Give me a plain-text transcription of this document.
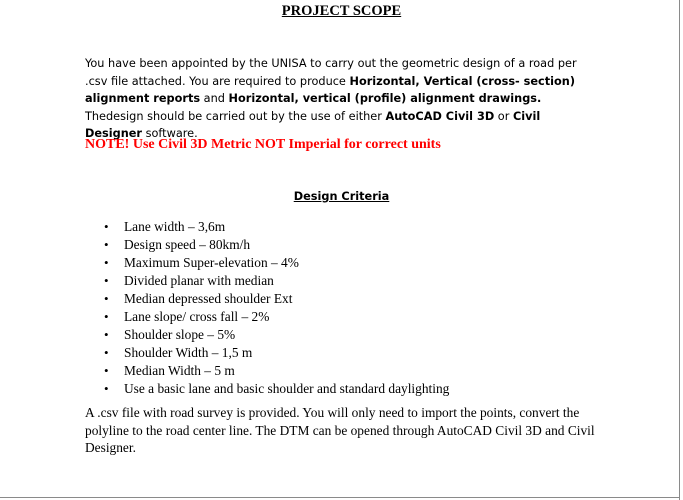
PROJECT SCOPE

You have been appointed by the UNISA to carry out the geometric design of a road per .csv file attached. You are required to produce Horizontal, Vertical (cross- section) alignment reports and Horizontal, vertical (profile) alignment drawings. Thedesign should be carried out by the use of either AutoCAD Civil 3D or Civil Designer software.

NOTE! Use Civil 3D Metric NOT Imperial for correct units

Design Criteria
• Lane width – 3,6m
• Design speed – 80km/h
• Maximum Super-elevation – 4%
• Divided planar with median
• Median depressed shoulder Ext
• Lane slope/ cross fall – 2%
• Shoulder slope – 5%
• Shoulder Width – 1,5 m
• Median Width – 5 m
• Use a basic lane and basic shoulder and standard daylighting

A .csv file with road survey is provided. You will only need to import the points, convert the polyline to the road center line. The DTM can be opened through AutoCAD Civil 3D and Civil Designer.
